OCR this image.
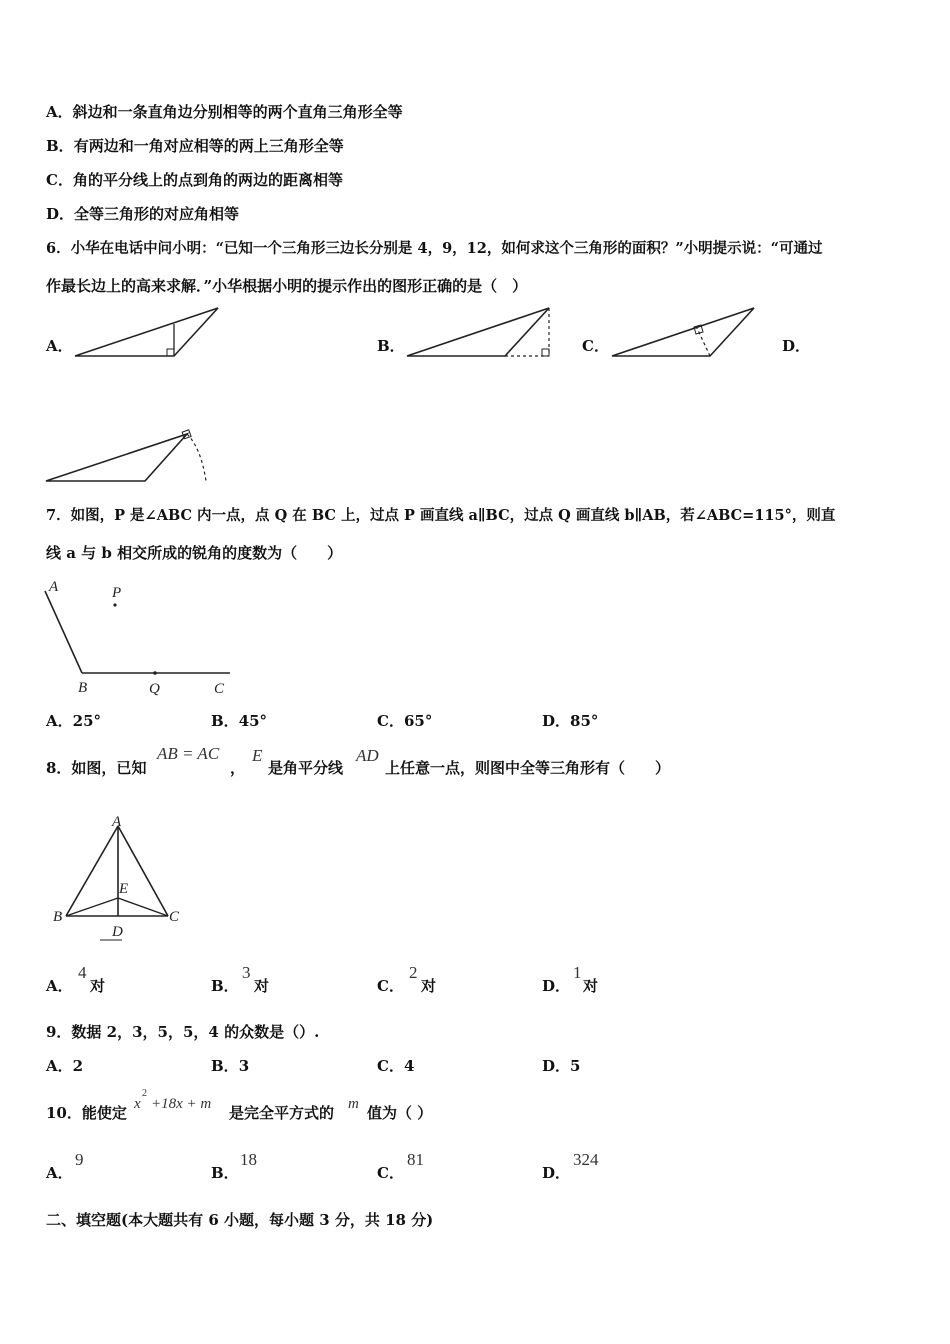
A．斜边和一条直角边分别相等的两个直角三角形全等
B．有两边和一角对应相等的两上三角形全等
C．角的平分线上的点到角的两边的距离相等
D．全等三角形的对应角相等
6．小华在电话中问小明：“已知一个三角形三边长分别是 4，9，12，如何求这个三角形的面积？”小明提示说：“可通过
作最长边上的高来求解．”小华根据小明的提示作出的图形正确的是（　）
A．	B．	C．	D．
7．如图，P 是∠ABC 内一点，点 Q 在 BC 上，过点 P 画直线 a∥BC，过点 Q 画直线 b∥AB，若∠ABC=115°，则直
线 a 与 b 相交所成的锐角的度数为（　　）
A	P
B	Q	C
A．25°	B．45°	C．65°	D．85°
8．如图，已知
AB = AC
，
E
是角平分线
AD
上任意一点，则图中全等三角形有（　　）
A
E
B	C
D
A．
4
对	B．
3
对	C．
2
对	D．
1
对
9．数据 2，3，5，5，4 的众数是（）.
A．2	B．3	C．4	D．5
10．能使定 x
2
+18x + m 是完全平方式的 m 值为（ ）
A．
9
B．
18
C．
81
D．
324
二、填空题(本大题共有 6 小题，每小题 3 分，共 18 分)
